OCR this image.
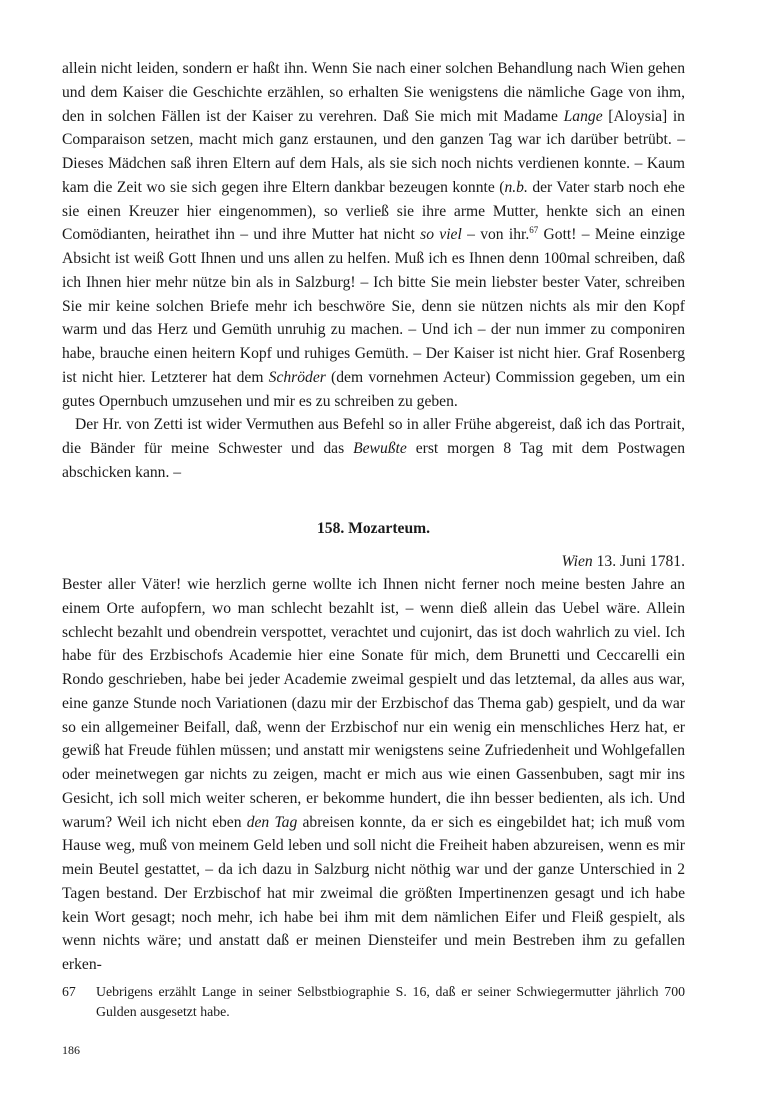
allein nicht leiden, sondern er haßt ihn. Wenn Sie nach einer solchen Behandlung nach Wien gehen und dem Kaiser die Geschichte erzählen, so erhalten Sie wenigstens die nämliche Gage von ihm, den in solchen Fällen ist der Kaiser zu verehren. Daß Sie mich mit Madame Lange [Aloysia] in Comparaison setzen, macht mich ganz erstaunen, und den ganzen Tag war ich darüber betrübt. – Dieses Mädchen saß ihren Eltern auf dem Hals, als sie sich noch nichts verdienen konnte. – Kaum kam die Zeit wo sie sich gegen ihre Eltern dankbar bezeugen konnte (n.b. der Vater starb noch ehe sie einen Kreuzer hier eingenommen), so verließ sie ihre arme Mutter, henkte sich an einen Comödianten, heirathet ihn – und ihre Mutter hat nicht so viel – von ihr.$^{67}$ Gott! – Meine einzige Absicht ist weiß Gott Ihnen und uns allen zu helfen. Muß ich es Ihnen denn 100mal schreiben, daß ich Ihnen hier mehr nütze bin als in Salzburg! – Ich bitte Sie mein liebster bester Vater, schreiben Sie mir keine solchen Briefe mehr ich beschwöre Sie, denn sie nützen nichts als mir den Kopf warm und das Herz und Gemüth unruhig zu machen. – Und ich – der nun immer zu componiren habe, brauche einen heitern Kopf und ruhiges Gemüth. – Der Kaiser ist nicht hier. Graf Rosenberg ist nicht hier. Letzterer hat dem Schröder (dem vornehmen Acteur) Commission gegeben, um ein gutes Opernbuch umzusehen und mir es zu schreiben zu geben.

Der Hr. von Zetti ist wider Vermuthen aus Befehl so in aller Frühe abgereist, daß ich das Portrait, die Bänder für meine Schwester und das Bewußte erst morgen 8 Tag mit dem Postwagen abschicken kann. –

158. Mozarteum.
Wien 13. Juni 1781.

Bester aller Väter! wie herzlich gerne wollte ich Ihnen nicht ferner noch meine besten Jahre an einem Orte aufopfern, wo man schlecht bezahlt ist, – wenn dieß allein das Uebel wäre. Allein schlecht bezahlt und obendrein verspottet, verachtet und cujonirt, das ist doch wahrlich zu viel. Ich habe für des Erzbischofs Academie hier eine Sonate für mich, dem Brunetti und Ceccarelli ein Rondo geschrieben, habe bei jeder Academie zweimal gespielt und das letztemal, da alles aus war, eine ganze Stunde noch Variationen (dazu mir der Erzbischof das Thema gab) gespielt, und da war so ein allgemeiner Beifall, daß, wenn der Erzbischof nur ein wenig ein menschliches Herz hat, er gewiß hat Freude fühlen müssen; und anstatt mir wenigstens seine Zufriedenheit und Wohlgefallen oder meinetwegen gar nichts zu zeigen, macht er mich aus wie einen Gassenbuben, sagt mir ins Gesicht, ich soll mich weiter scheren, er bekomme hundert, die ihn besser bedienten, als ich. Und warum? Weil ich nicht eben den Tag abreisen konnte, da er sich es eingebildet hat; ich muß vom Hause weg, muß von meinem Geld leben und soll nicht die Freiheit haben abzureisen, wenn es mir mein Beutel gestattet, – da ich dazu in Salzburg nicht nöthig war und der ganze Unterschied in 2 Tagen bestand. Der Erzbischof hat mir zweimal die größten Impertinenzen gesagt und ich habe kein Wort gesagt; noch mehr, ich habe bei ihm mit dem nämlichen Eifer und Fleiß gespielt, als wenn nichts wäre; und anstatt daß er meinen Diensteifer und mein Bestreben ihm zu gefallen erken-

67 Uebrigens erzählt Lange in seiner Selbstbiographie S. 16, daß er seiner Schwiegermutter jährlich 700 Gulden ausgesetzt habe.
186
